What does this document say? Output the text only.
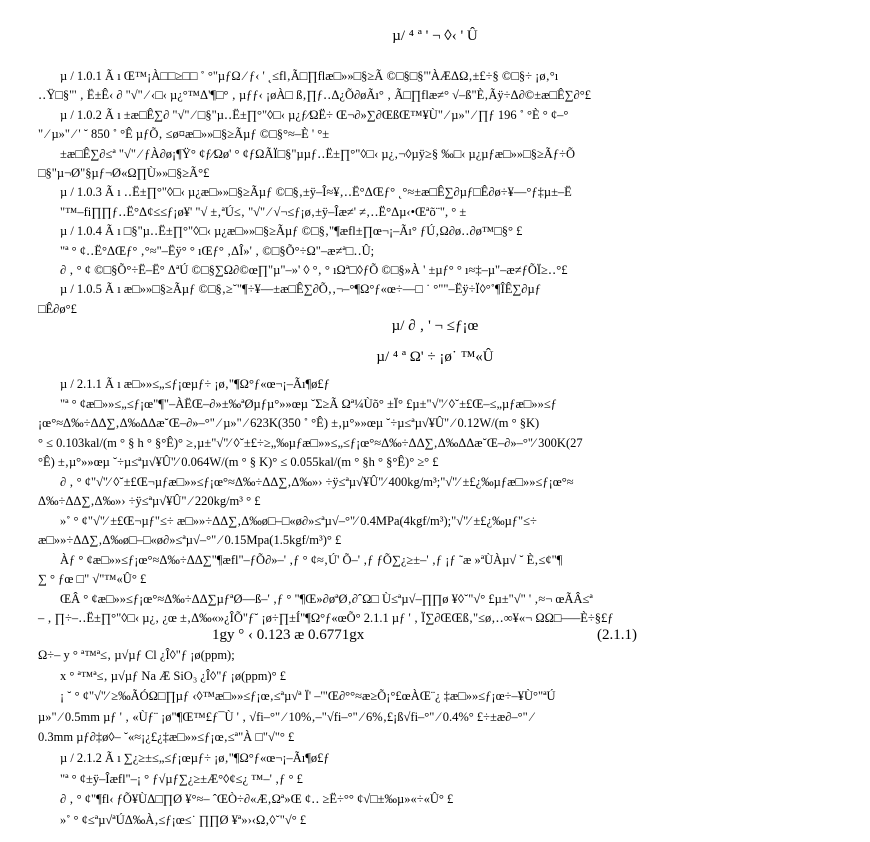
µ/ ⁴ ª ' ¬ ◊‹ ' Û
µ / 1.0.1 Ã ı Œ™¡À□□≥□□ ˚ °"µƒΩ ⁄ ƒ‹ ' ˛≤fl‚Ã□∏flæ□»»□§≥Ã ©□§□§"'ÀÆΔΩ‚±£÷§ ©□§÷ ¡ø‚°ı
‥Ÿ□§"' ‚ Ë±Ê‹ ∂ "√" ⁄ ‹□‹ µ¿°™Δ'¶□° ‚ µƒƒ‹ ¡øÀ□ ß‚∏ƒ‥Δ¿Õ∂øÃı° ‚ Ã□∏flæ≠° √–ß"È‚Ãÿ÷Δ∂©±æ□Ê∑∂°£
µ / 1.0.2 Ã ı ±æ□Ê∑∂ "√" ⁄ □§"µ‥Ë±∏°"◊□‹ µ¿ƒ⁄ΩË÷ Œ¬∂»∑∂ŒßŒ™¥Ù" ⁄ µ»" ⁄ ∏ƒ 196 ˚ °È ° ¢–°
" ⁄ µ»" ⁄ ' ˘ 850 ˚ °Ê µƒÕ‚ ≤ø¤æ□»»□§≥Ãµƒ ©□§°≈–È ' °±
±æ□Ê∑∂≤ª "√" ⁄ ƒÀ∂ø¡¶Ÿ° ¢ƒ⁄Ωø' ° ¢ƒΩÃÏ□§"µµƒ‥Ë±∏°"◊□‹ µ¿‚¬◊µÿ≥§ ‰□‹ µ¿µƒæ□»»□§≥Ãƒ÷Õ
□§"µ¬Ø"§µƒ¬Ø«Ω∏Ù»»□§≥Ã°£
µ / 1.0.3 Ã ı ‥Ë±∏°"◊□‹ µ¿æ□»»□§≥Ãµƒ ©□§‚±ÿ–Î≈¥‚‥Ë°ΔŒƒ° ˛°≈±æ□Ê∑∂µƒ□Ê∂ø÷¥––°ƒ‡µ±–Ë
"™–fi∏∏ƒ‥Ë°Δ¢≤≤ƒ¡ø¥' "√ ±‚ªÚ≤‚ "√" ⁄ √¬≤ƒ¡ø‚±ÿ–Îæ≠' ≠‚‥Ë°Δµ‹•Œªõ¨", ° ±
µ / 1.0.4 Ã ı □§"µ‥Ë±∏°"◊□‹ µ¿æ□»»□§≥Ãµƒ ©□§‚"¶æfl±∏œ¬¡–Ãı° ƒÚ‚Ω∂ø‥∂ø™□§° £
"ª ° ¢‥Ë°ΔŒƒ° ‚°≈"–Ëÿ° ° ıŒƒ° ‚ΔÎ»' ‚ ©□§Õ°÷Ω"–æ≠ª□‥Û;
∂ ‚ ° ¢ ©□§Õ°÷Ë–Ë° ΔªÚ ©□§∑Ω∂©œ∏"µ"–»' ◊ °‚ ° ıΩª□◊ƒÕ ©□§»À ' ±µƒ° ° ı≈‡–µ"–æ≠ƒÕÏ≥‥°£
µ / 1.0.5 Ã ı æ□»»□§≥Ãµƒ ©□§‚≥˘"¶÷¥––±æ□Ê∑∂Õ‚‚¬–°¶Ω°ƒ«œ÷––□ ˙ °""–Ëÿ÷Ï◊°˚¶ÎÊ∑∂µƒ
□Ê∂ø°£
µ/ ∂ ‚ ' ¬ ≤ƒ¡œ
µ/ ⁴ ª Ω' ÷ ¡ø˙ ™«Û
µ / 2.1.1 Ã ı æ□»»≤„≤ƒ¡œµƒ÷ ¡ø‚"¶Ω°ƒ«œ¬¡–Ãı¶ø£ƒ
"ª ° ¢æ□»»≤„≤ƒ¡œ"¶"–ÀËŒ–∂»±‰ªØµƒµ°»»œµ ˘Σ≥Ã Ωª¼Ùõ° ±Ï° £µ±"√"⁄ ◊˘±£Œ–≤„µƒæ□»»≤ƒ
¡œ°≈Δ‰÷ΔΔ∑‚Δ‰ΔΔæ˘Œ–∂»–°" ⁄ µ»" ⁄ 623K(350 ˚ °Ê) ±‚µ°»»œµ ˘÷µ≤ªµ√¥Û" ⁄ 0.12W/(m ° §K)
° ≤ 0.103kal/(m ° § h ° §°Ê)° ≥‚µ±"√"⁄ ◊˘±£÷≥„‰µƒæ□»»≤„≤ƒ¡œ°≈Δ‰÷ΔΔ∑‚Δ‰ΔΔæ˘Œ–∂»–°"⁄ 300K(27
°Ê) ±‚µ°»»œµ ˘÷µ≤ªµ√¥Û"⁄ 0.064W/(m ° § K)° ≤ 0.055kal/(m ° §h ° §°Ê)° ≥° £
∂ ‚ ° ¢"√"⁄ ◊˘±£Œ¬µƒæ□»»≤ƒ¡œ°≈Δ‰÷ΔΔ∑‚Δ‰»› ÷ÿ≤ªµ√¥Û"⁄ 400kg/m³;"√"⁄ ±£¿‰µƒæ□»»≤ƒ¡œ°≈
Δ‰÷ΔΔ∑‚Δ‰»› ÷ÿ≤ªµ√¥Û" ⁄ 220kg/m³ ° £
»˚ ° ¢"√"⁄ ±£Œ¬µƒ"≤÷ æ□»»÷ΔΔ∑‚Δ‰ø□–□«ø∂»≤ªµ√–°"⁄ 0.4MPa(4kgf/m³);"√"⁄ ±£¿‰µƒ"≤÷
æ□»»÷ΔΔ∑‚Δ‰ø□–□«ø∂»≤ªµ√–°" ⁄ 0.15Mpa(1.5kgf/m³)° £
Àƒ ° ¢æ□»»≤ƒ¡œ°≈Δ‰÷ΔΔ∑"¶æfl"–ƒÕ∂»–' ‚ƒ ° ¢≈‚Ú' Õ–' ‚ƒ ƒÕ∑¿≥±–' ‚ƒ ¡ƒ ˜æ »ªÙÀµ√ ˘ È‚≤¢"¶
∑ ° ƒœ □" √"™«Û° £
ŒÂ ° ¢æ□»»≤ƒ¡œ°≈Δ‰÷ΔΔ∑µƒªØ—ß–' ‚ƒ ° "¶Œ»∂øªØ‚∂ˆΩ□ Ù≤ªµ√–∏∏ø ¥◊˘"√° £µ±"√" ' ‚≈¬ œÃÂ≤ª
– ‚ ∏÷–‥Ë±∏°"◊□‹ µ¿‚ ¿œ ±‚Δ‰«»¿ÎÕ"ƒ˘ ¡ø÷∏±Í"¶Ω°ƒ«œÕ° 2.1.1 µƒ ' ‚ Ϊ∑∂ŒŒß‚"≤ø‚‥∞¥«¬ ΩΩ□–––È÷§£ƒ
1gy ° ‹ 0.123 æ 0.6771gx	(2.1.1)
Ω÷– y ° ª™ª≤‚ µ√µƒ Cl ¿Î◊"ƒ ¡ø(ppm);
x ° ª™ª≤‚ µ√µƒ Na Æ SiO₃ ¿Î◊"ƒ ¡ø(ppm)° £
¡ ˘ ° ¢"√"⁄ ≥‰ÃÓΩ□∏µƒ ‹◊™æ□»»≤ƒ¡œ‚≤ªµ√ª Ï' –'"Œ∂°°≈æ≥Õ¡°£œÀŒ¨¿ ‡æ□»»≤ƒ¡œ÷–¥Ù°"ªÚ
µ»" ⁄ 0.5mm µƒ ' ‚ «Ùƒ¨ ¡ø"¶Œ™£ƒ¯Ù ' ‚ √fi–°" ⁄ 10%‚–"√fi–°" ⁄ 6%‚£¡ß√fi–°" ⁄ 0.4%° £÷±æ∂–°" ⁄
0.3mm µƒ∂‡ø◊– ˘«≈¡¿£¿‡æ□»»≤ƒ¡œ‚≤ª"À □"√"° £
µ / 2.1.2 Ã ı ∑¿≥±≤„≤ƒ¡œµƒ÷ ¡ø‚"¶Ω°ƒ«œ¬¡–Ãı¶ø£ƒ
"ª ° ¢±ÿ–Îæfl"–¡ ° ƒ√µƒ∑¿≥±Æ°◊¢≤¿ ™–' ‚ƒ ° £
∂ ‚ ° ¢"¶fl‹ ƒÕ¥ÙΔ□∏Ø ¥°≈– ˆŒÒ÷∂«Æ‚Ωª»Œ ¢‥ ≥Ë÷°° ¢√□±‰µ»«÷«Û° £
»˚ ° ¢≤ªµ√ªÚΔ‰À‚≤ƒ¡œ≤˙ ∏∏Ø ¥ª»›‹Ω‚◊˘"√° £
